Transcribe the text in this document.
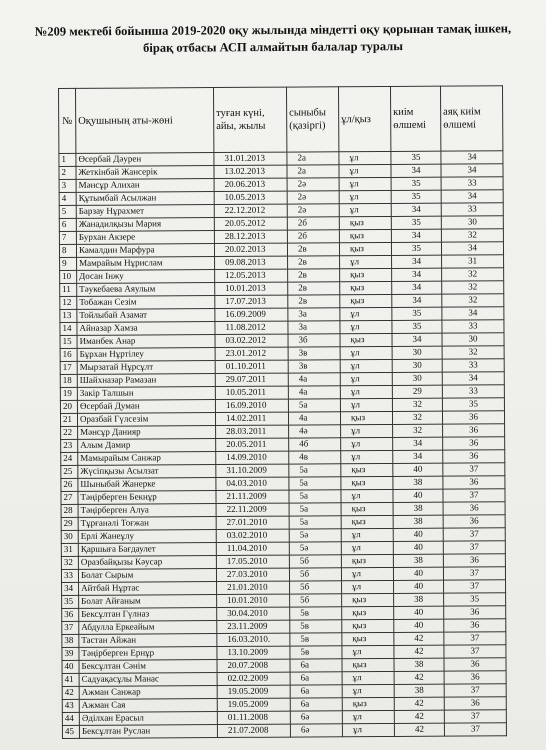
№209 мектебі бойынша 2019-2020 оқу жылында міндетті оқу қорынан тамақ ішкен,
бірақ отбасы АСП алмайтын балалар туралы
№	Оқушының аты-жөні	туған күні, айы, жылы	сыныбы (қазіргі)	ұл/қыз	киім өлшемі	аяқ киім өлшемі
1	Өсербай Дәурен	31.01.2013	2а	ұл	35	34
2	Жеткінбай Жансерік	13.02.2013	2а	ұл	34	34
3	Мәнсұр Алихан	20.06.2013	2ә	ұл	35	33
4	Құтымбай Асылжан	10.05.2013	2ә	ұл	35	34
5	Барзау Нұрахмет	22.12.2012	2ә	ұл	34	33
6	Жанадилқызы Мария	20.05.2012	2б	қыз	35	30
7	Бурхан Акзере	28.12.2013	2б	қыз	34	32
8	Камалдин Марфура	20.02.2013	2в	қыз	35	34
9	Мамрайым Нұрислам	09.08.2013	2в	ұл	34	31
10	Досан Інжу	12.05.2013	2в	қыз	34	32
11	Тәукебаева Аяулым	10.01.2013	2в	қыз	34	32
12	Тобажан Сезім	17.07.2013	2в	қыз	34	32
13	Тойлыбай Азамат	16.09.2009	3а	ұл	35	34
14	Айназар Хамза	11.08.2012	3а	ұл	35	33
15	Иманбек Анар	03.02.2012	3б	қыз	34	30
16	Бұрхан Нұртілеу	23.01.2012	3в	ұл	30	32
17	Мырзатай Нұрсұлт	01.10.2011	3в	ұл	30	33
18	Шайхназар Рамазан	29.07.2011	4а	ұл	30	34
19	Закір Талшын	10.05.2011	4а	ұл	29	33
20	Өсербай Думан	16.09.2010	5а	ұл	32	35
21	Оразбай Гүлсезім	14.02.2011	4а	қыз	32	36
22	Мәнсұр Данияр	28.03.2011	4ә	ұл	32	36
23	Алым Дамир	20.05.2011	4б	ұл	34	36
24	Мамырайым Санжар	14.09.2010	4в	ұл	34	36
25	Жүсіпқызы Асылзат	31.10.2009	5а	қыз	40	37
26	Шыныбай Жанерке	04.03.2010	5а	қыз	38	36
27	Тәңірберген Бекнұр	21.11.2009	5а	ұл	40	37
28	Тәңірберген Алуа	22.11.2009	5а	қыз	38	36
29	Тұрғанәлі Тоғжан	27.01.2010	5а	қыз	38	36
30	Ерлі Жанеұлу	03.02.2010	5ә	ұл	40	37
31	Қаршыға Бағдаулет	11.04.2010	5ә	ұл	40	37
32	Оразбайқызы Кәусар	17.05.2010	5б	қыз	38	36
33	Болат Сырым	27.03.2010	5б	ұл	40	37
34	Айтбай Нұртас	21.01.2010	5б	ұл	40	37
35	Болат Айғаным	10.01.2010	5б	қыз	38	35
36	Бексұлтан Гүлназ	30.04.2010	5в	қыз	40	36
37	Абдулла Еркеайым	23.11.2009	5в	қыз	40	36
38	Тастан Айжан	16.03.2010.	5в	қыз	42	37
39	Тәңірберген Ернұр	13.10.2009	5в	ұл	42	37
40	Бексұлтан Сәнім	20.07.2008	6а	қыз	38	36
41	Садуақасұлы Манас	02.02.2009	6а	ұл	42	36
42	Ажман Санжар	19.05.2009	6а	ұл	38	37
43	Ажман Сая	19.05.2009	6а	қыз	42	36
44	Әділхан Ерасыл	01.11.2008	6ә	ұл	42	37
45	Бексұлтан Руслан	21.07.2008	6ә	ұл	42	37
